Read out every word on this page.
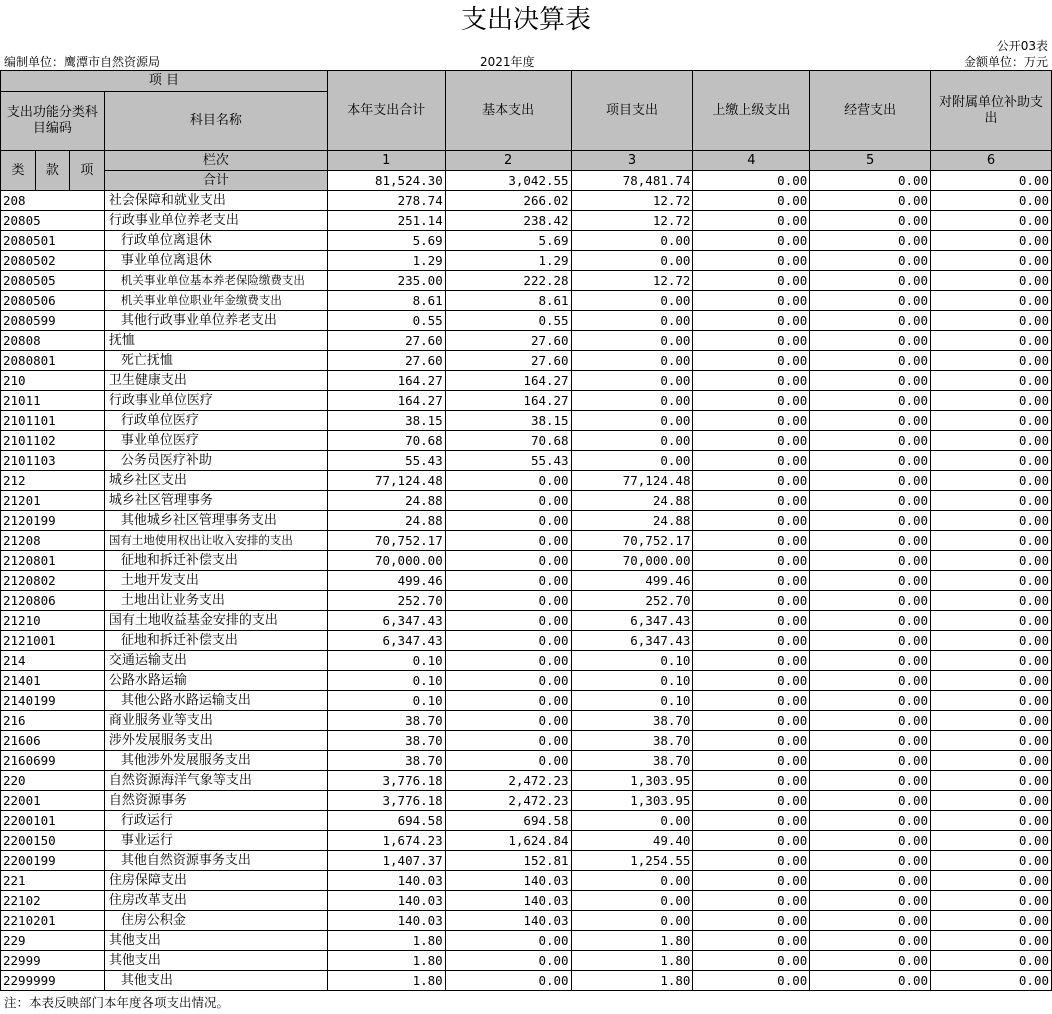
支出决算表
公开03表
编制单位：鹰潭市自然资源局	2021年度	金额单位：万元
项 目				本年支出合计	基本支出	项目支出	上缴上级支出	经营支出	对附属单位补助支出
支出功能分类科目编码			科目名称						

类	款	项	栏次	1	2	3	4	5	6
			合计	81,524.30	3,042.55	78,481.74	0.00	0.00	0.00
208			社会保障和就业支出	278.74	266.02	12.72	0.00	0.00	0.00
20805			行政事业单位养老支出	251.14	238.42	12.72	0.00	0.00	0.00
2080501			行政单位离退休	5.69	5.69	0.00	0.00	0.00	0.00
2080502			事业单位离退休	1.29	1.29	0.00	0.00	0.00	0.00
2080505			机关事业单位基本养老保险缴费支出	235.00	222.28	12.72	0.00	0.00	0.00
2080506			机关事业单位职业年金缴费支出	8.61	8.61	0.00	0.00	0.00	0.00
2080599			其他行政事业单位养老支出	0.55	0.55	0.00	0.00	0.00	0.00
20808			抚恤	27.60	27.60	0.00	0.00	0.00	0.00
2080801			死亡抚恤	27.60	27.60	0.00	0.00	0.00	0.00
210			卫生健康支出	164.27	164.27	0.00	0.00	0.00	0.00
21011			行政事业单位医疗	164.27	164.27	0.00	0.00	0.00	0.00
2101101			行政单位医疗	38.15	38.15	0.00	0.00	0.00	0.00
2101102			事业单位医疗	70.68	70.68	0.00	0.00	0.00	0.00
2101103			公务员医疗补助	55.43	55.43	0.00	0.00	0.00	0.00
212			城乡社区支出	77,124.48	0.00	77,124.48	0.00	0.00	0.00
21201			城乡社区管理事务	24.88	0.00	24.88	0.00	0.00	0.00
2120199			其他城乡社区管理事务支出	24.88	0.00	24.88	0.00	0.00	0.00
21208			国有土地使用权出让收入安排的支出	70,752.17	0.00	70,752.17	0.00	0.00	0.00
2120801			征地和拆迁补偿支出	70,000.00	0.00	70,000.00	0.00	0.00	0.00
2120802			土地开发支出	499.46	0.00	499.46	0.00	0.00	0.00
2120806			土地出让业务支出	252.70	0.00	252.70	0.00	0.00	0.00
21210			国有土地收益基金安排的支出	6,347.43	0.00	6,347.43	0.00	0.00	0.00
2121001			征地和拆迁补偿支出	6,347.43	0.00	6,347.43	0.00	0.00	0.00
214			交通运输支出	0.10	0.00	0.10	0.00	0.00	0.00
21401			公路水路运输	0.10	0.00	0.10	0.00	0.00	0.00
2140199			其他公路水路运输支出	0.10	0.00	0.10	0.00	0.00	0.00
216			商业服务业等支出	38.70	0.00	38.70	0.00	0.00	0.00
21606			涉外发展服务支出	38.70	0.00	38.70	0.00	0.00	0.00
2160699			其他涉外发展服务支出	38.70	0.00	38.70	0.00	0.00	0.00
220			自然资源海洋气象等支出	3,776.18	2,472.23	1,303.95	0.00	0.00	0.00
22001			自然资源事务	3,776.18	2,472.23	1,303.95	0.00	0.00	0.00
2200101			行政运行	694.58	694.58	0.00	0.00	0.00	0.00
2200150			事业运行	1,674.23	1,624.84	49.40	0.00	0.00	0.00
2200199			其他自然资源事务支出	1,407.37	152.81	1,254.55	0.00	0.00	0.00
221			住房保障支出	140.03	140.03	0.00	0.00	0.00	0.00
22102			住房改革支出	140.03	140.03	0.00	0.00	0.00	0.00
2210201			住房公积金	140.03	140.03	0.00	0.00	0.00	0.00
229			其他支出	1.80	0.00	1.80	0.00	0.00	0.00
22999			其他支出	1.80	0.00	1.80	0.00	0.00	0.00
2299999			其他支出	1.80	0.00	1.80	0.00	0.00	0.00
注：本表反映部门本年度各项支出情况。
